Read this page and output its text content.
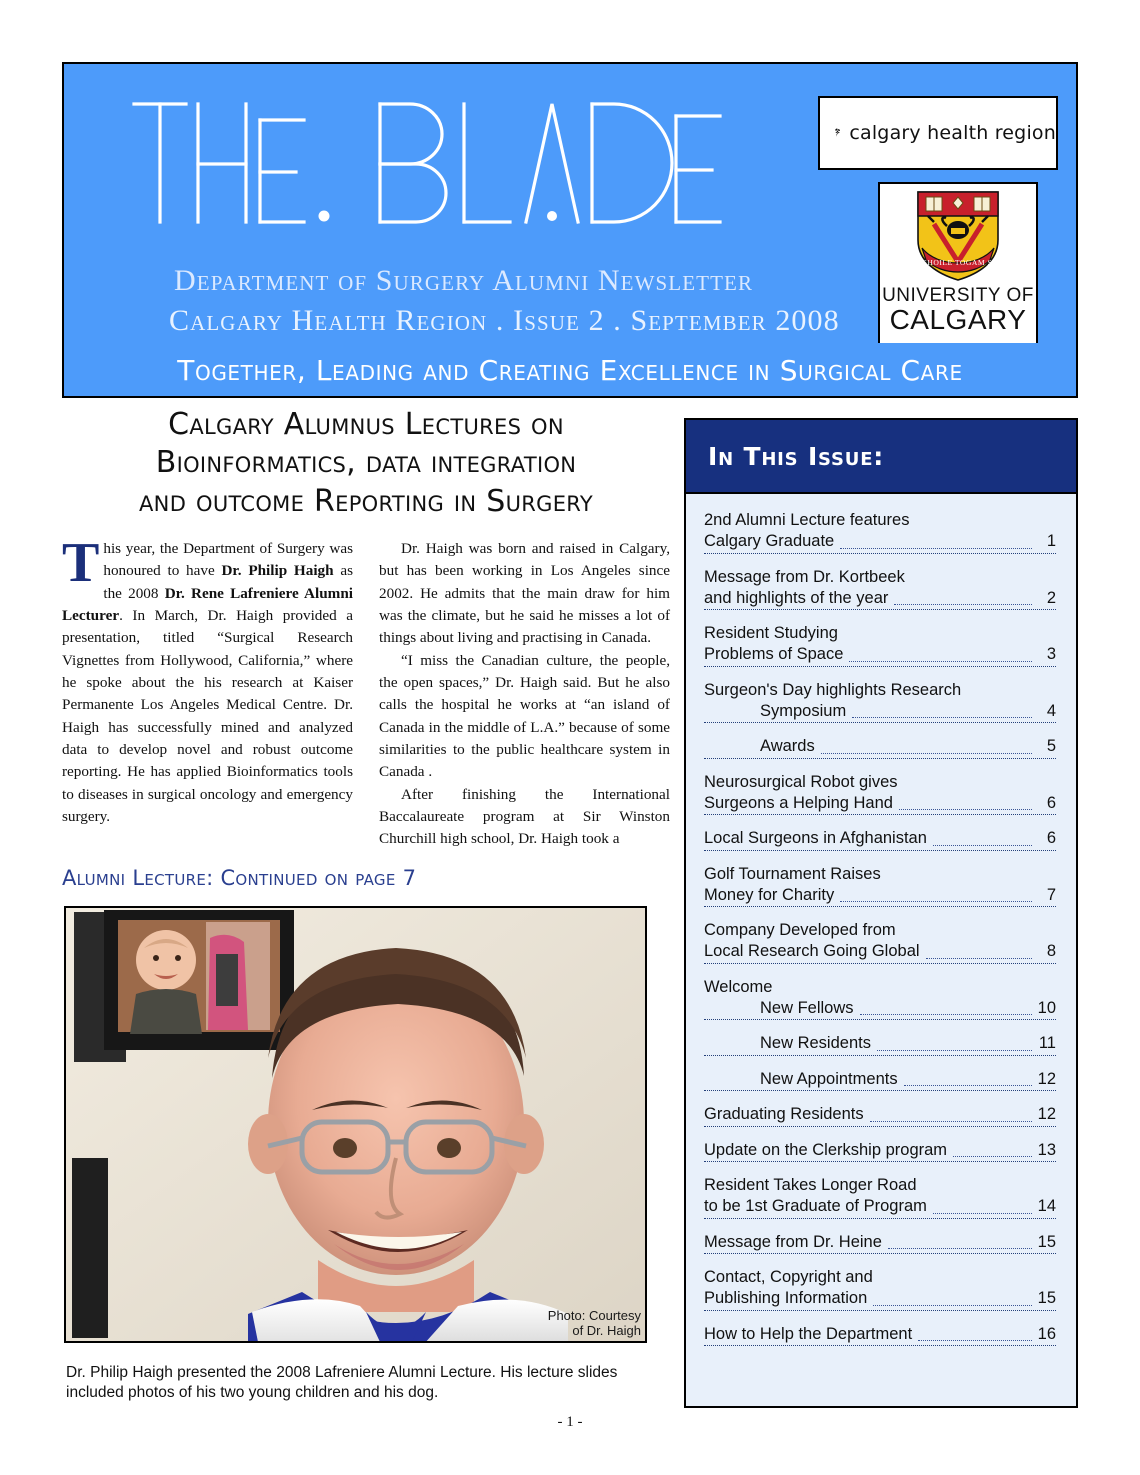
Department of Surgery Alumni Newsletter
Calgary Health Region . Issue 2 . September 2008
calgary health region
MO SHOILE TOGAM SUAS
UNIVERSITY OF
CALGARY
Together, Leading and Creating Excellence in Surgical Care
Calgary Alumnus Lectures on
Bioinformatics, data integration
and outcome Reporting in Surgery

This year, the Department of Surgery was honoured to have Dr. Philip Haigh as the 2008 Dr. Rene Lafreniere Alumni Lecturer. In March, Dr. Haigh provided a presentation, titled “Surgical Research Vignettes from Hollywood, California,” where he spoke about the his research at Kaiser Permanente Los Angeles Medical Centre. Dr. Haigh has successfully mined and analyzed data to develop novel and robust outcome reporting. He has applied Bioinformatics tools to diseases in surgical oncology and emergency surgery.

Dr. Haigh was born and raised in Calgary, but has been working in Los Angeles since 2002. He admits that the main draw for him was the climate, but he said he misses a lot of things about living and practising in Canada.

“I miss the Canadian culture, the people, the open spaces,” Dr. Haigh said. But he also calls the hospital he works at “an island of Canada in the middle of L.A.” because of some similarities to the public healthcare system in Canada .

After finishing the International Baccalaureate program at Sir Winston Churchill high school, Dr. Haigh took a

Alumni Lecture: Continued on page 7
Photo: Courtesy
of Dr. Haigh
Dr. Philip Haigh presented the 2008 Lafreniere Alumni Lecture. His lecture slides included photos of his two young children and his dog.
- 1 -
In This Issue:
2nd Alumni Lecture features
Calgary Graduate	1
Message from Dr. Kortbeek
and highlights of the year	2
Resident Studying
Problems of Space	3
Surgeon's Day highlights Research
Symposium	4
Awards	5
Neurosurgical Robot gives
Surgeons a Helping Hand	6
Local Surgeons in Afghanistan	6
Golf Tournament Raises
Money for Charity	7
Company Developed from
Local Research Going Global	8
Welcome
New Fellows	10
New Residents	11
New Appointments	12
Graduating Residents	12
Update on the Clerkship program	13
Resident Takes Longer Road
to be 1st Graduate of Program	14
Message from Dr. Heine	15
Contact, Copyright and
Publishing Information	15
How to Help the Department	16
